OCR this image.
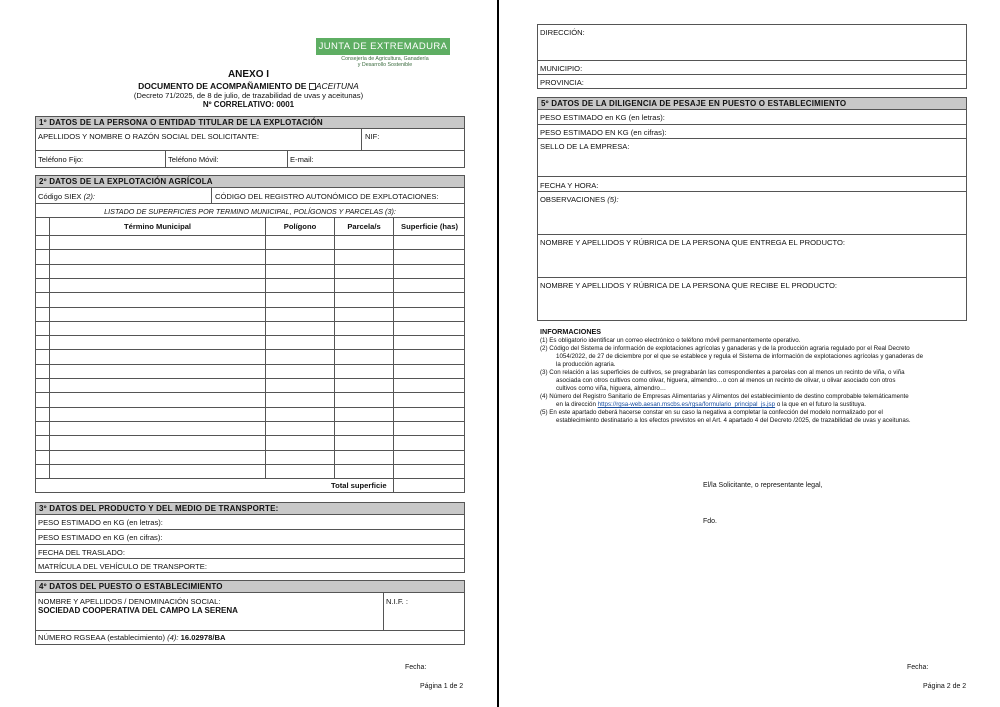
JUNTA DE EXTREMADURA
Consejería de Agricultura, Ganadería
y Desarrollo Sostenible
ANEXO I
DOCUMENTO DE ACOMPAÑAMIENTO DE ACEITUNA
(Decreto 71/2025, de 8 de julio, de trazabilidad de uvas y aceitunas)
Nº CORRELATIVO: 0001
1º DATOS DE LA PERSONA O ENTIDAD TITULAR DE LA EXPLOTACIÓN
APELLIDOS Y NOMBRE O RAZÓN SOCIAL DEL SOLICITANTE:	NIF:
Teléfono Fijo:	Teléfono Móvil:	E-mail:
2º DATOS DE LA EXPLOTACIÓN AGRÍCOLA
Código SIEX (2):	CÓDIGO DEL REGISTRO AUTONÓMICO DE EXPLOTACIONES:
LISTADO DE SUPERFICIES POR TERMINO MUNICIPAL, POLÍGONOS Y PARCELAS (3):
Término Municipal	Polígono	Parcela/s	Superficie (has)
Total superficie
3º DATOS DEL PRODUCTO Y DEL MEDIO DE TRANSPORTE:
PESO ESTIMADO en KG (en letras):
PESO ESTIMADO en KG (en cifras):
FECHA DEL TRASLADO:
MATRÍCULA DEL VEHÍCULO DE TRANSPORTE:
4º DATOS DEL PUESTO O ESTABLECIMIENTO
NOMBRE Y APELLIDOS / DENOMINACIÓN SOCIAL:
SOCIEDAD COOPERATIVA DEL CAMPO LA SERENA
N.I.F. :
NÚMERO RGSEAA (establecimiento) (4): 16.02978/BA
Fecha:
Página 1 de 2
DIRECCIÓN:
MUNICIPIO:
PROVINCIA:
5º DATOS DE LA DILIGENCIA DE PESAJE EN PUESTO O ESTABLECIMIENTO
PESO ESTIMADO en KG (en letras):
PESO ESTIMADO EN KG (en cifras):
SELLO DE LA EMPRESA:
FECHA Y HORA:
OBSERVACIONES (5):
NOMBRE Y APELLIDOS Y RÚBRICA DE LA PERSONA QUE ENTREGA EL PRODUCTO:
NOMBRE Y APELLIDOS Y RÚBRICA DE LA PERSONA QUE RECIBE EL PRODUCTO:
INFORMACIONES

(1) Es obligatorio identificar un correo electrónico o teléfono móvil permanentemente operativo.

(2) Código del Sistema de información de explotaciones agrícolas y ganaderas y de la producción agraria regulado por el Real Decreto

1054/2022, de 27 de diciembre por el que se establece y regula el Sistema de información de explotaciones agrícolas y ganaderas de

la producción agraria.

(3) Con relación a las superficies de cultivos, se pregrabarán las correspondientes a parcelas con al menos un recinto de viña, o viña

asociada con otros cultivos como olivar, higuera, almendro…o con al menos un recinto de olivar, u olivar asociado con otros

cultivos como viña, higuera, almendro…

(4) Número del Registro Sanitario de Empresas Alimentarias y Alimentos del establecimiento de destino comprobable telemáticamente

en la dirección https://rgsa-web.aesan.mscbs.es/rgsa/formulario_principal_js.jsp o la que en el futuro la sustituya.

(5) En este apartado deberá hacerse constar en su caso la negativa a completar la confección del modelo normalizado por el

establecimiento destinatario a los efectos previstos en el Art. 4 apartado 4 del Decreto /2025, de trazabilidad de uvas y aceitunas.

El/la Solicitante, o representante legal,
Fdo.
Fecha:
Página 2 de 2
